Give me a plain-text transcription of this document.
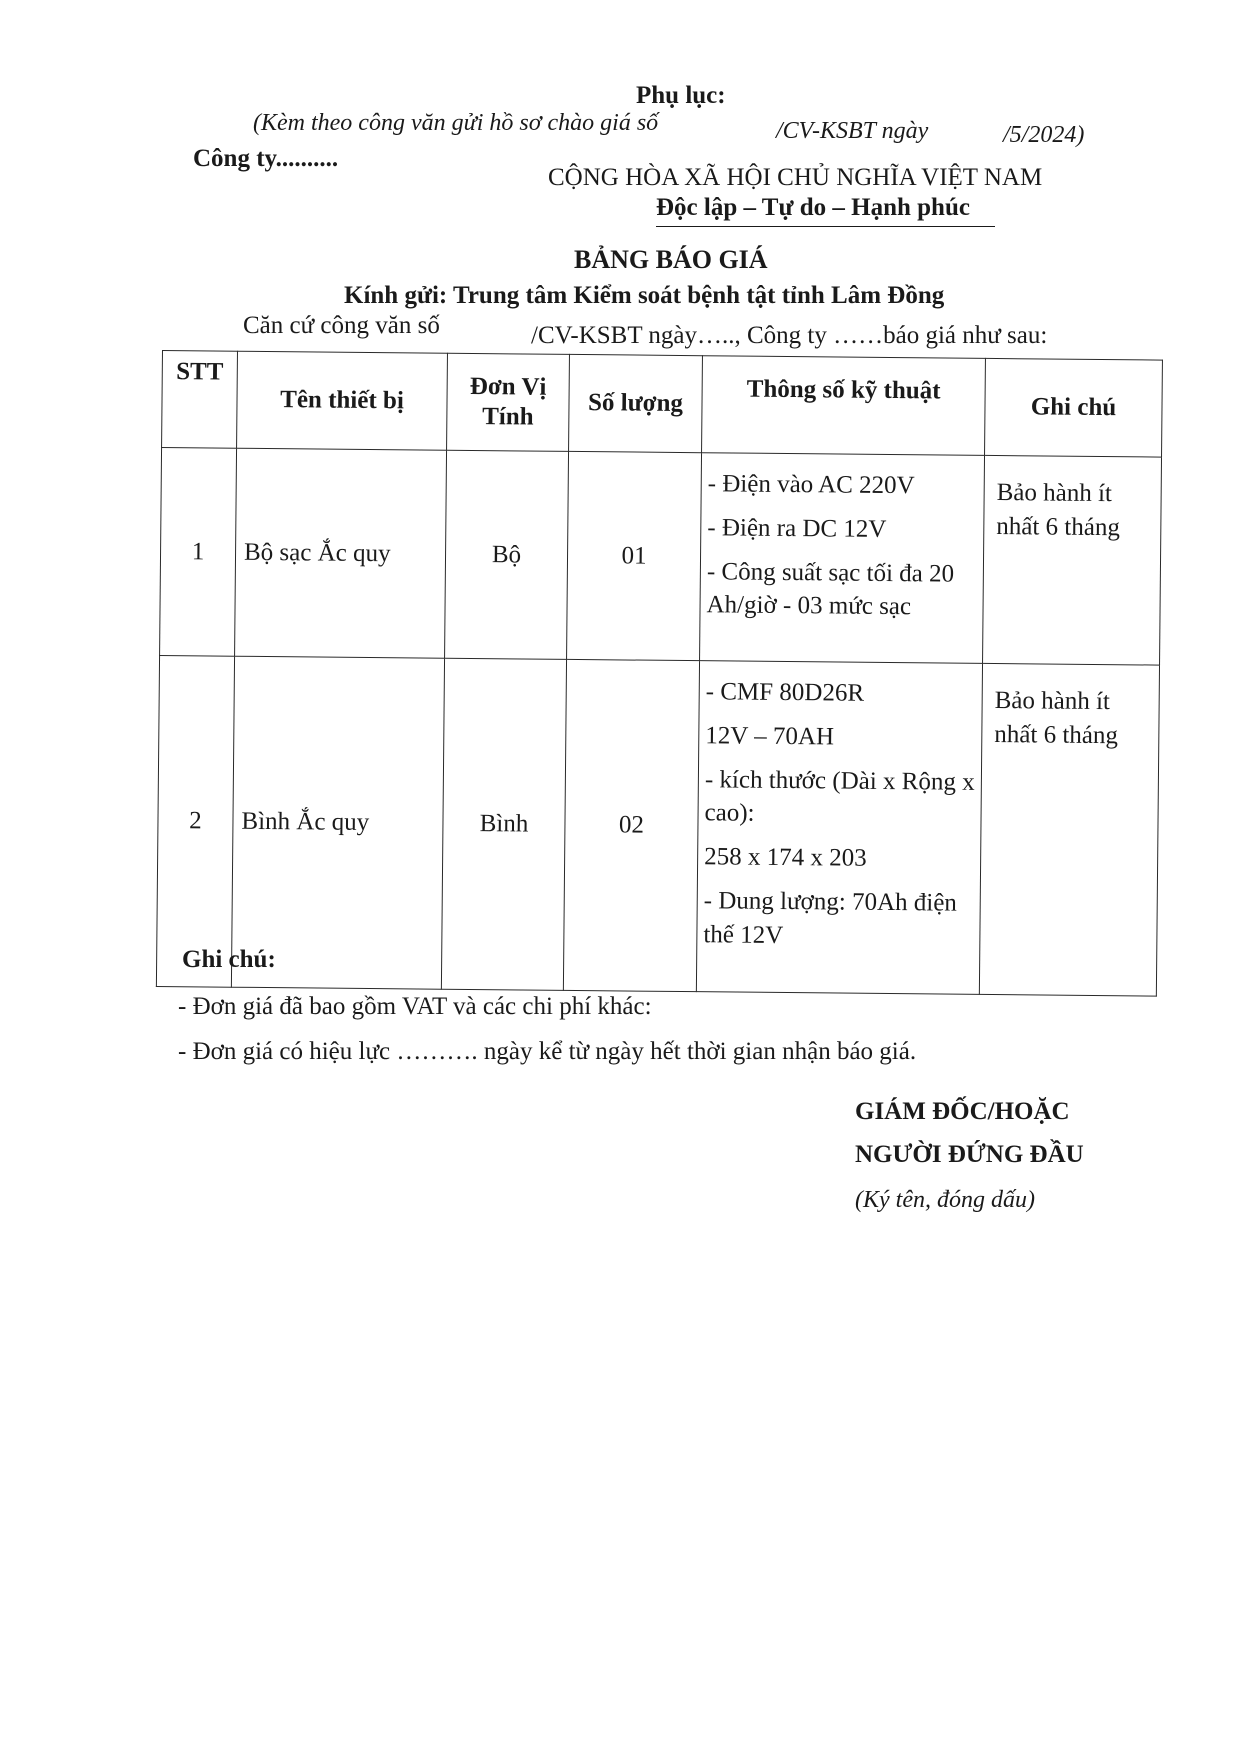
Phụ lục:
(Kèm theo công văn gửi hồ sơ chào giá số	/CV-KSBT ngày	/5/2024)
Công ty..........
CỘNG HÒA XÃ HỘI CHỦ NGHĨA VIỆT NAM
Độc lập – Tự do – Hạnh phúc
BẢNG BÁO GIÁ
Kính gửi: Trung tâm Kiểm soát bệnh tật tỉnh Lâm Đồng
Căn cứ công văn số	/CV-KSBT ngày….., Công ty ……báo giá như sau:
STT	Tên thiết bị	Đơn Vị Tính	Số lượng	Thông số kỹ thuật	Ghi chú
1	Bộ sạc Ắc quy	Bộ	01	- Điện vào AC 220V
- Điện ra DC 12V
- Công suất sạc tối đa 20 Ah/giờ - 03 mức sạc	Bảo hành ít nhất 6 tháng
2	Bình Ắc quy	Bình	02	- CMF 80D26R
12V – 70AH
- kích thước (Dài x Rộng x cao):
258 x 174 x 203
- Dung lượng: 70Ah điện thế 12V	Bảo hành ít nhất 6 tháng
Ghi chú:
- Đơn giá đã bao gồm VAT và các chi phí khác:
- Đơn giá có hiệu lực ………. ngày kể từ ngày hết thời gian nhận báo giá.
GIÁM ĐỐC/HOẶC
NGƯỜI ĐỨNG ĐẦU
(Ký tên, đóng dấu)
